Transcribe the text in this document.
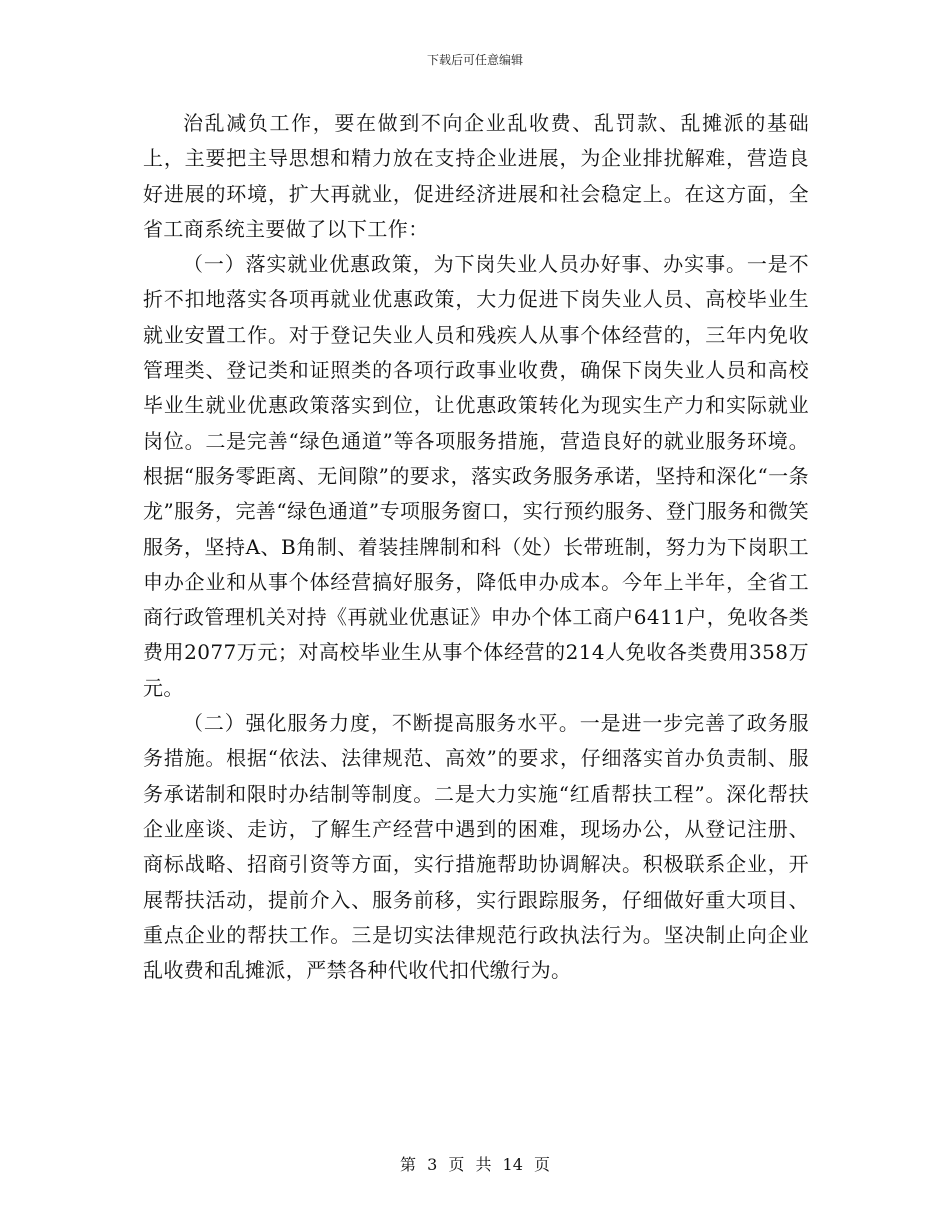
下载后可任意编辑

治乱减负工作，要在做到不向企业乱收费、乱罚款、乱摊派的基础上，主要把主导思想和精力放在支持企业进展，为企业排扰解难，营造良好进展的环境，扩大再就业，促进经济进展和社会稳定上。在这方面，全省工商系统主要做了以下工作：

（一）落实就业优惠政策，为下岗失业人员办好事、办实事。一是不折不扣地落实各项再就业优惠政策，大力促进下岗失业人员、高校毕业生就业安置工作。对于登记失业人员和残疾人从事个体经营的，三年内免收管理类、登记类和证照类的各项行政事业收费，确保下岗失业人员和高校毕业生就业优惠政策落实到位，让优惠政策转化为现实生产力和实际就业岗位。二是完善“绿色通道”等各项服务措施，营造良好的就业服务环境。根据“服务零距离、无间隙”的要求，落实政务服务承诺，坚持和深化“一条龙”服务，完善“绿色通道”专项服务窗口，实行预约服务、登门服务和微笑服务，坚持A、B角制、着装挂牌制和科（处）长带班制，努力为下岗职工申办企业和从事个体经营搞好服务，降低申办成本。今年上半年，全省工商行政管理机关对持《再就业优惠证》申办个体工商户6411户，免收各类费用2077万元；对高校毕业生从事个体经营的214人免收各类费用358万元。

（二）强化服务力度，不断提高服务水平。一是进一步完善了政务服务措施。根据“依法、法律规范、高效”的要求，仔细落实首办负责制、服务承诺制和限时办结制等制度。二是大力实施“红盾帮扶工程”。深化帮扶企业座谈、走访，了解生产经营中遇到的困难，现场办公，从登记注册、商标战略、招商引资等方面，实行措施帮助协调解决。积极联系企业，开展帮扶活动，提前介入、服务前移，实行跟踪服务，仔细做好重大项目、重点企业的帮扶工作。三是切实法律规范行政执法行为。坚决制止向企业乱收费和乱摊派，严禁各种代收代扣代缴行为。

第 3 页 共 14 页
